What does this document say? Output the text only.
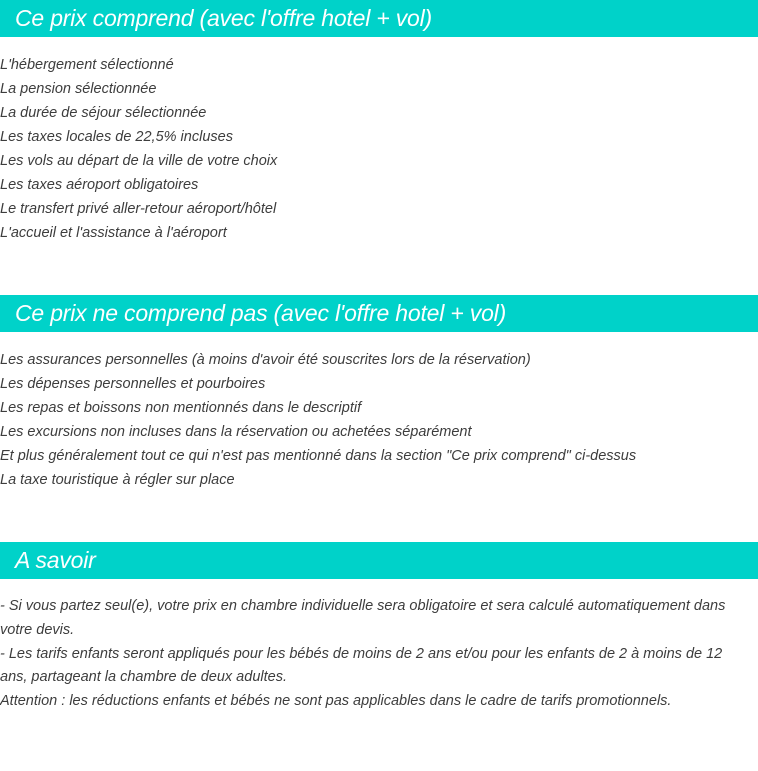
Ce prix comprend (avec l'offre hotel + vol)
L'hébergement sélectionné
La pension sélectionnée
La durée de séjour sélectionnée
Les taxes locales de 22,5% incluses
Les vols au départ de la ville de votre choix
Les taxes aéroport obligatoires
Le transfert privé aller-retour aéroport/hôtel
L'accueil et l'assistance à l'aéroport
Ce prix ne comprend pas (avec l'offre hotel + vol)
Les assurances personnelles (à moins d'avoir été souscrites lors de la réservation)
Les dépenses personnelles et pourboires
Les repas et boissons non mentionnés dans le descriptif
Les excursions non incluses dans la réservation ou achetées séparément
Et plus généralement tout ce qui n'est pas mentionné dans la section "Ce prix comprend" ci-dessus
La taxe touristique à régler sur place
A savoir

- Si vous partez seul(e), votre prix en chambre individuelle sera obligatoire et sera calculé automatiquement dans votre devis.

- Les tarifs enfants seront appliqués pour les bébés de moins de 2 ans et/ou pour les enfants de 2 à moins de 12 ans, partageant la chambre de deux adultes.

Attention : les réductions enfants et bébés ne sont pas applicables dans le cadre de tarifs promotionnels.
